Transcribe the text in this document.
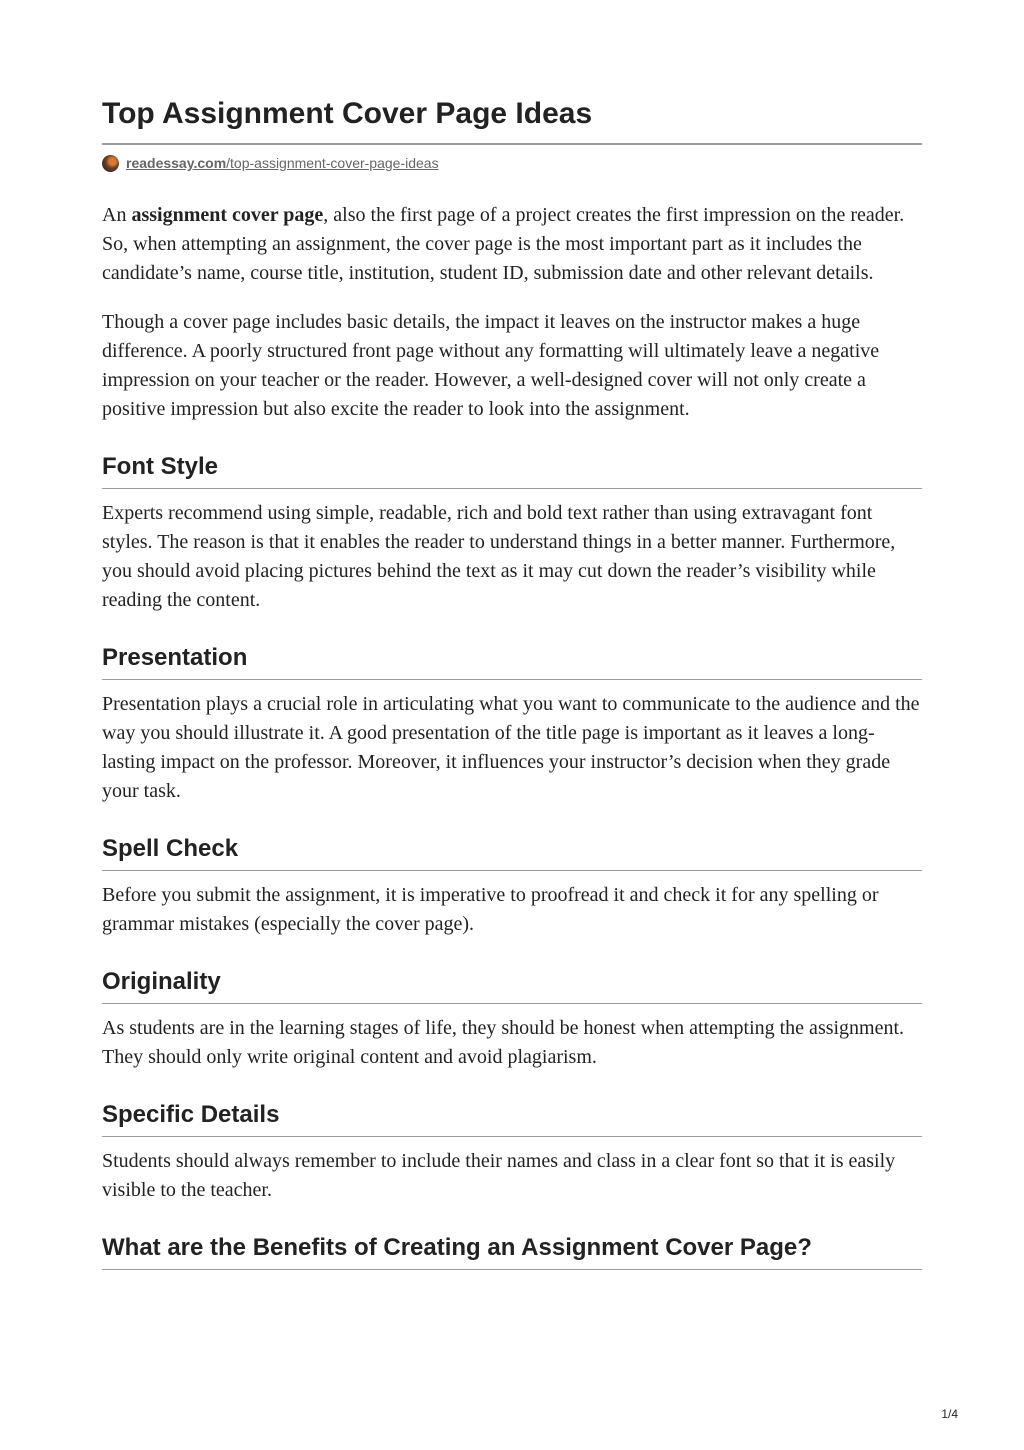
Top Assignment Cover Page Ideas
readessay.com/top-assignment-cover-page-ideas

An assignment cover page, also the first page of a project creates the first impression on the reader. So, when attempting an assignment, the cover page is the most important part as it includes the candidate’s name, course title, institution, student ID, submission date and other relevant details.

Though a cover page includes basic details, the impact it leaves on the instructor makes a huge difference. A poorly structured front page without any formatting will ultimately leave a negative impression on your teacher or the reader. However, a well-designed cover will not only create a positive impression but also excite the reader to look into the assignment.

Font Style

Experts recommend using simple, readable, rich and bold text rather than using extravagant font styles. The reason is that it enables the reader to understand things in a better manner. Furthermore, you should avoid placing pictures behind the text as it may cut down the reader’s visibility while reading the content.

Presentation

Presentation plays a crucial role in articulating what you want to communicate to the audience and the way you should illustrate it. A good presentation of the title page is important as it leaves a long-lasting impact on the professor. Moreover, it influences your instructor’s decision when they grade your task.

Spell Check

Before you submit the assignment, it is imperative to proofread it and check it for any spelling or grammar mistakes (especially the cover page).

Originality

As students are in the learning stages of life, they should be honest when attempting the assignment. They should only write original content and avoid plagiarism.

Specific Details

Students should always remember to include their names and class in a clear font so that it is easily visible to the teacher.

What are the Benefits of Creating an Assignment Cover Page?
1/4
